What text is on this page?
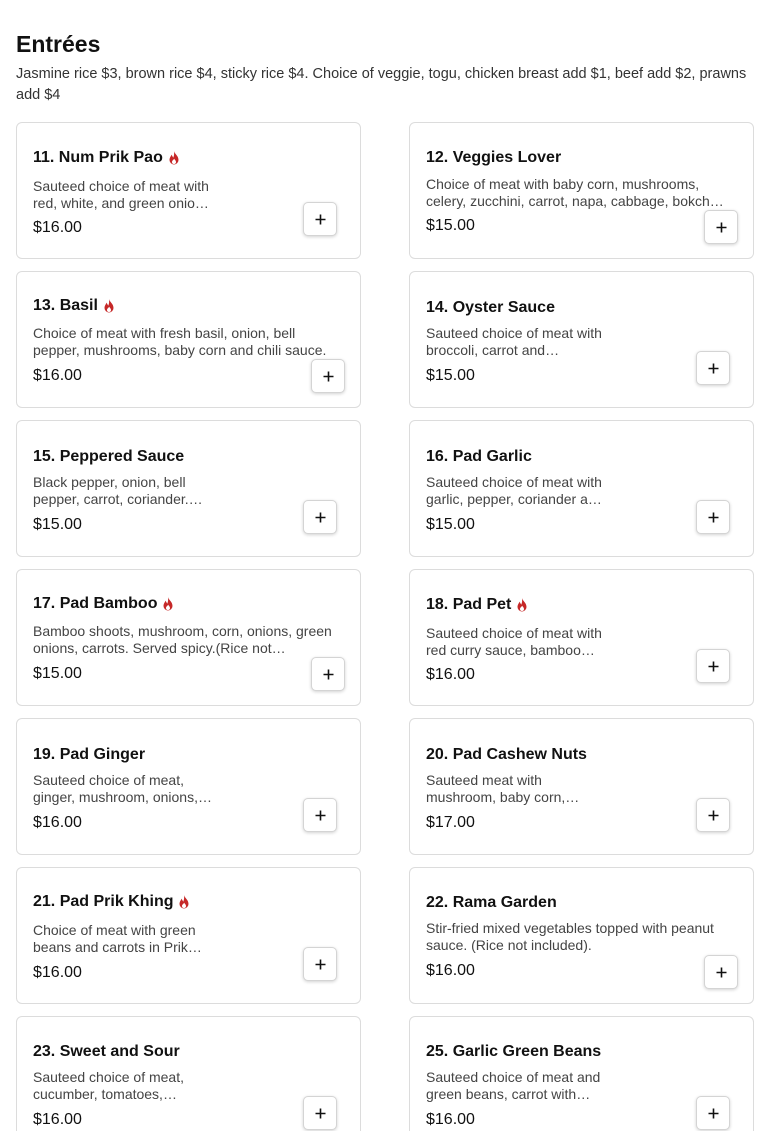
Entrées

Jasmine rice $3, brown rice $4, sticky rice $4. Choice of veggie, togu, chicken breast add $1, beef add $2, prawns add $4

11. Num Prik Pao
Sauteed choice of meat with red, white, and green onions
$16.00
12. Veggies Lover
Choice of meat with baby corn, mushrooms, celery, zucchini, carrot, napa, cabbage, bokchoy
$15.00
13. Basil
Choice of meat with fresh basil, onion, bell pepper, mushrooms, baby corn and chili sauce.
$16.00
14. Oyster Sauce
Sauteed choice of meat with broccoli, carrot and
$15.00
15. Peppered Sauce
Black pepper, onion, bell pepper, carrot, coriander.
$15.00
16. Pad Garlic
Sauteed choice of meat with garlic, pepper, coriander and
$15.00
17. Pad Bamboo
Bamboo shoots, mushroom, corn, onions, green onions, carrots. Served spicy.(Rice not
$15.00
18. Pad Pet
Sauteed choice of meat with red curry sauce, bamboo
$16.00
19. Pad Ginger
Sauteed choice of meat, ginger, mushroom, onions,
$16.00
20. Pad Cashew Nuts
Sauteed meat with mushroom, baby corn,
$17.00
21. Pad Prik Khing
Choice of meat with green beans and carrots in Prik
$16.00
22. Rama Garden
Stir-fried mixed vegetables topped with peanut sauce. (Rice not included).
$16.00
23. Sweet and Sour
Sauteed choice of meat, cucumber, tomatoes,
$16.00
25. Garlic Green Beans
Sauteed choice of meat and green beans, carrot with
$16.00
